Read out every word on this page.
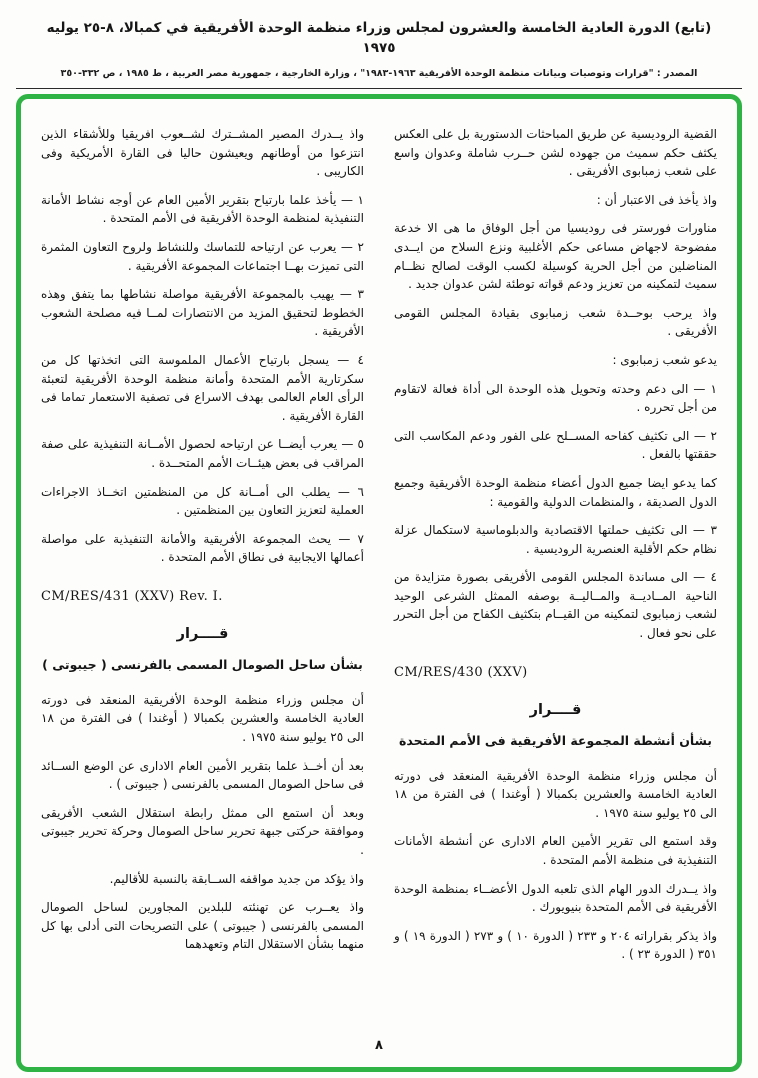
(تابع) الدورة العادية الخامسة والعشرون لمجلس وزراء منظمة الوحدة الأفريقية في كمبالا، ٨-٢٥ يوليه ١٩٧٥
المصدر : "قرارات وتوصيات وبيانات منظمة الوحدة الأفريقية ١٩٦٣-١٩٨٣" ، وزارة الخارجية ، جمهورية مصر العربية ، ط ١٩٨٥ ، ص ٣٣٢-٣٥٠

القضية الروديسية عن طريق المباحثات الدستورية بل على العكس يكثف حكم سميث من جهوده لشن حــرب شاملة وعدوان واسع على شعب زمبابوى الأفريقى .

واذ يأخذ فى الاعتبار أن :

مناورات فورستر فى روديسيا من أجل الوفاق ما هى الا خدعة مفضوحة لاجهاض مساعى حكم الأغلبية ونزع السلاح من ايــدى المناضلين من أجل الحرية كوسيلة لكسب الوقت لصالح نظــام سميث لتمكينه من تعزيز ودعم قواته توطئة لشن عدوان جديد .

واذ يرحب بوحــدة شعب زمبابوى بقيادة المجلس القومى الأفريقى .

يدعو شعب زمبابوى :

١ — الى دعم وحدته وتحويل هذه الوحدة الى أداة فعالة لاتقاوم من أجل تحرره .

٢ — الى تكثيف كفاحه المســلح على الفور ودعم المكاسب التى حققتها بالفعل .

كما يدعو ايضا جميع الدول أعضاء منظمة الوحدة الأفريقية وجميع الدول الصديقة ، والمنظمات الدولية والقومية :

٣ — الى تكثيف حملتها الاقتصادية والدبلوماسية لاستكمال عزلة نظام حكم الأقلية العنصرية الروديسية .

٤ — الى مساندة المجلس القومى الأفريقى بصورة متزايدة من الناحية المــاديــة والمــاليــة بوصفه الممثل الشرعى الوحيد لشعب زمبابوى لتمكينه من القيــام بتكثيف الكفاح من أجل التحرر على نحو فعال .

CM/RES/430 (XXV)

قــــرار

بشأن أنشطة المجموعة الأفريقية فى الأمم المتحدة

أن مجلس وزراء منظمة الوحدة الأفريقية المنعقد فى دورته العادية الخامسة والعشرين بكمبالا ( أوغندا ) فى الفترة من ١٨ الى ٢٥ يوليو سنة ١٩٧٥ .

وقد استمع الى تقرير الأمين العام الادارى عن أنشطة الأمانات التنفيذية فى منظمة الأمم المتحدة .

واذ يــدرك الدور الهام الذى تلعبه الدول الأعضــاء بمنظمة الوحدة الأفريقية فى الأمم المتحدة بنيويورك .

واذ يذكر بقراراته ٢٠٤ و ٢٣٣ ( الدورة ١٠ ) و ٢٧٣ ( الدورة ١٩ ) و ٣٥١ ( الدورة ٢٣ ) .

واذ يــدرك المصير المشــترك لشــعوب افريقيا وللأشقاء الذين انتزعوا من أوطانهم ويعيشون حاليا فى القارة الأمريكية وفى الكاريبى .

١ — يأخذ علما بارتياح بتقرير الأمين العام عن أوجه نشاط الأمانة التنفيذية لمنظمة الوحدة الأفريقية فى الأمم المتحدة .

٢ — يعرب عن ارتياحه للتماسك وللنشاط ولروح التعاون المثمرة التى تميزت بهــا اجتماعات المجموعة الأفريقية .

٣ — يهيب بالمجموعة الأفريقية مواصلة نشاطها بما يتفق وهذه الخطوط لتحقيق المزيد من الانتصارات لمــا فيه مصلحة الشعوب الأفريقية .

٤ — يسجل بارتياح الأعمال الملموسة التى اتخذتها كل من سكرتارية الأمم المتحدة وأمانة منظمة الوحدة الأفريقية لتعبئة الرأى العام العالمى بهدف الاسراع فى تصفية الاستعمار تماما فى القارة الأفريقية .

٥ — يعرب أيضــا عن ارتياحه لحصول الأمــانة التنفيذية على صفة المراقب فى بعض هيئــات الأمم المتحــدة .

٦ — يطلب الى أمــانة كل من المنظمتين اتخــاذ الاجراءات العملية لتعزيز التعاون بين المنظمتين .

٧ — يحث المجموعة الأفريقية والأمانة التنفيذية على مواصلة أعمالها الايجابية فى نطاق الأمم المتحدة .

CM/RES/431 (XXV) Rev. I.

قــــرار

بشأن ساحل الصومال المسمى بالفرنسى ( جيبوتى )

أن مجلس وزراء منظمة الوحدة الأفريقية المنعقد فى دورته العادية الخامسة والعشرين بكمبالا ( أوغندا ) فى الفترة من ١٨ الى ٢٥ يوليو سنة ١٩٧٥ .

بعد أن أخــذ علما بتقرير الأمين العام الادارى عن الوضع الســائد فى ساحل الصومال المسمى بالفرنسى ( جيبوتى ) .

وبعد أن استمع الى ممثل رابطة استقلال الشعب الأفريقى وموافقة حركتى جبهة تحرير ساحل الصومال وحركة تحرير جيبوتى .

واذ يؤكد من جديد مواقفه الســابقة بالنسبة للأقاليم.

واذ يعــرب عن تهنئته للبلدين المجاورين لساحل الصومال المسمى بالفرنسى ( جيبوتى ) على التصريحات التى أدلى بها كل منهما بشأن الاستقلال التام وتعهدهما

٨
